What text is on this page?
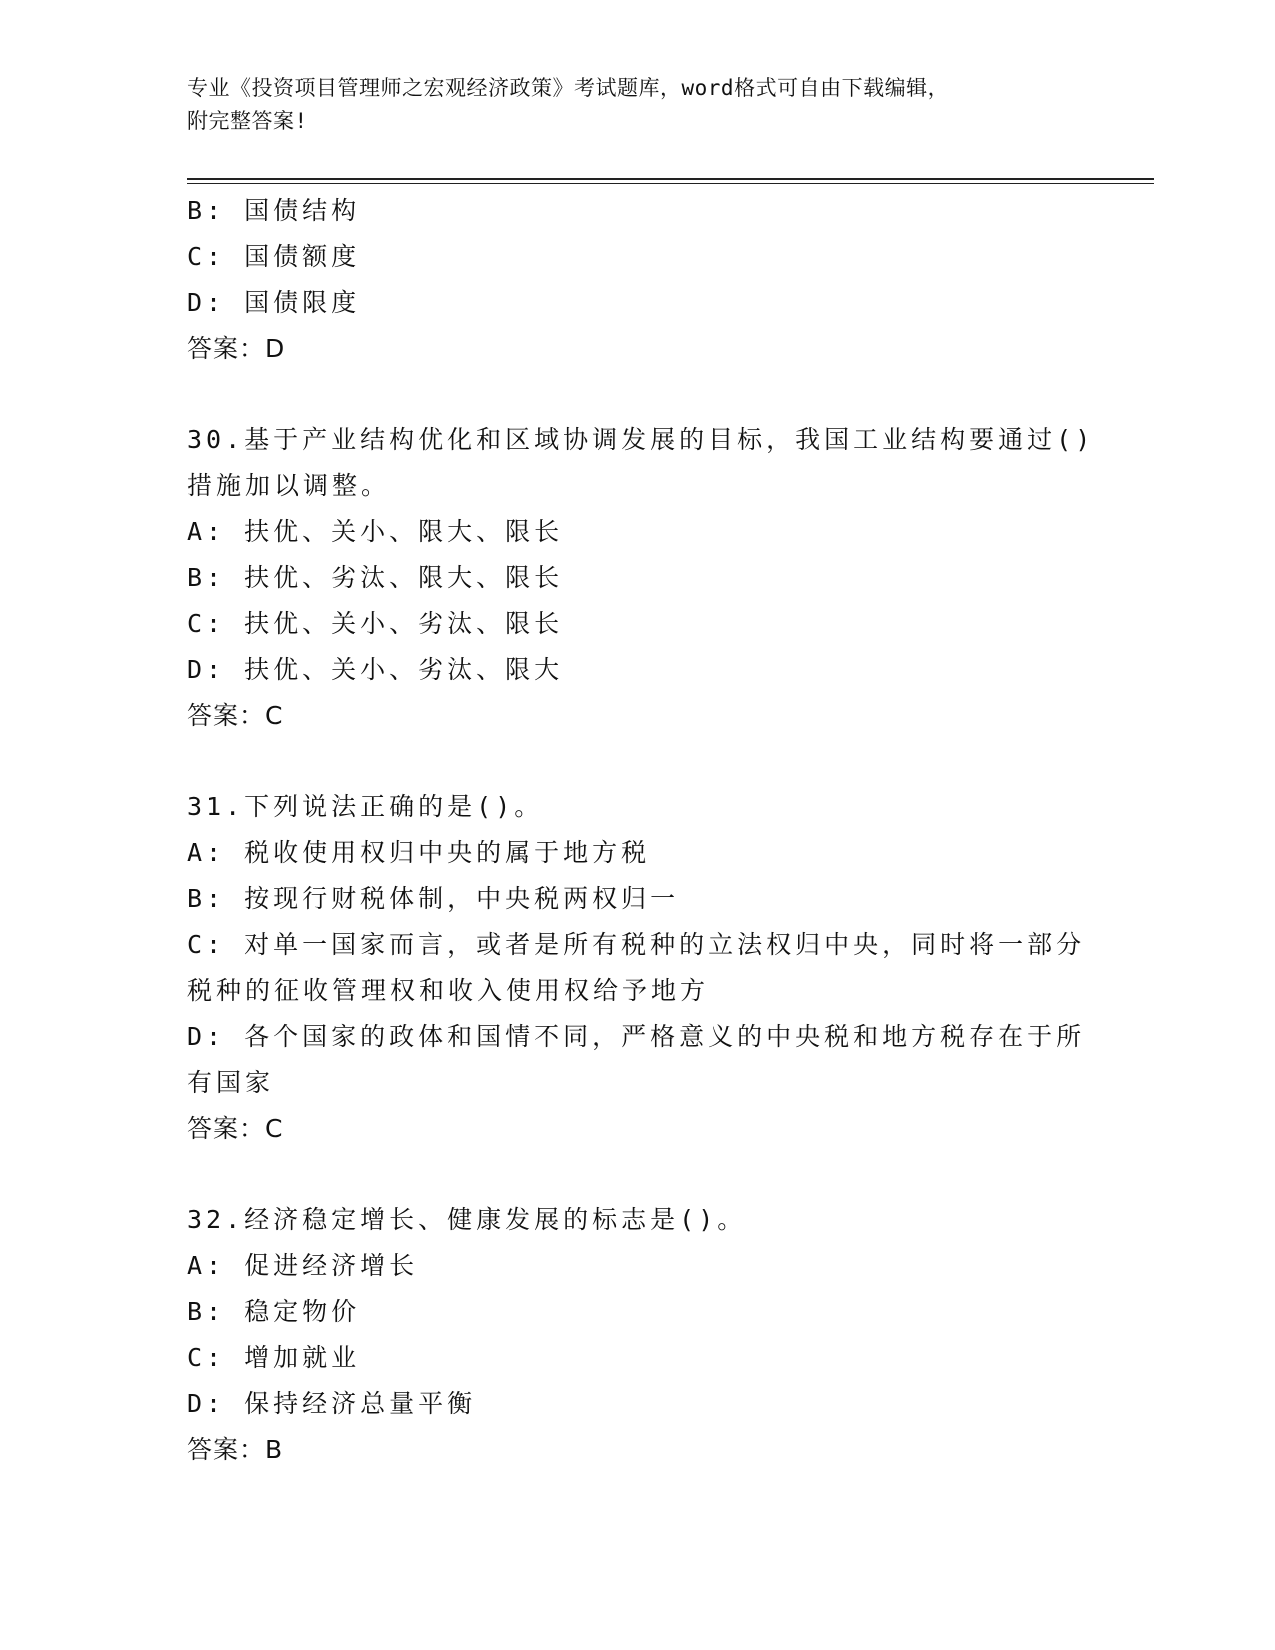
专业《投资项目管理师之宏观经济政策》考试题库，word格式可自由下载编辑，
附完整答案!
B: 国债结构
C: 国债额度
D: 国债限度
答案：D
30.基于产业结构优化和区域协调发展的目标，我国工业结构要通过()
措施加以调整。
A: 扶优、关小、限大、限长
B: 扶优、劣汰、限大、限长
C: 扶优、关小、劣汰、限长
D: 扶优、关小、劣汰、限大
答案：C
31.下列说法正确的是()。
A: 税收使用权归中央的属于地方税
B: 按现行财税体制，中央税两权归一
C: 对单一国家而言，或者是所有税种的立法权归中央，同时将一部分
税种的征收管理权和收入使用权给予地方
D: 各个国家的政体和国情不同，严格意义的中央税和地方税存在于所
有国家
答案：C
32.经济稳定增长、健康发展的标志是()。
A: 促进经济增长
B: 稳定物价
C: 增加就业
D: 保持经济总量平衡
答案：B
